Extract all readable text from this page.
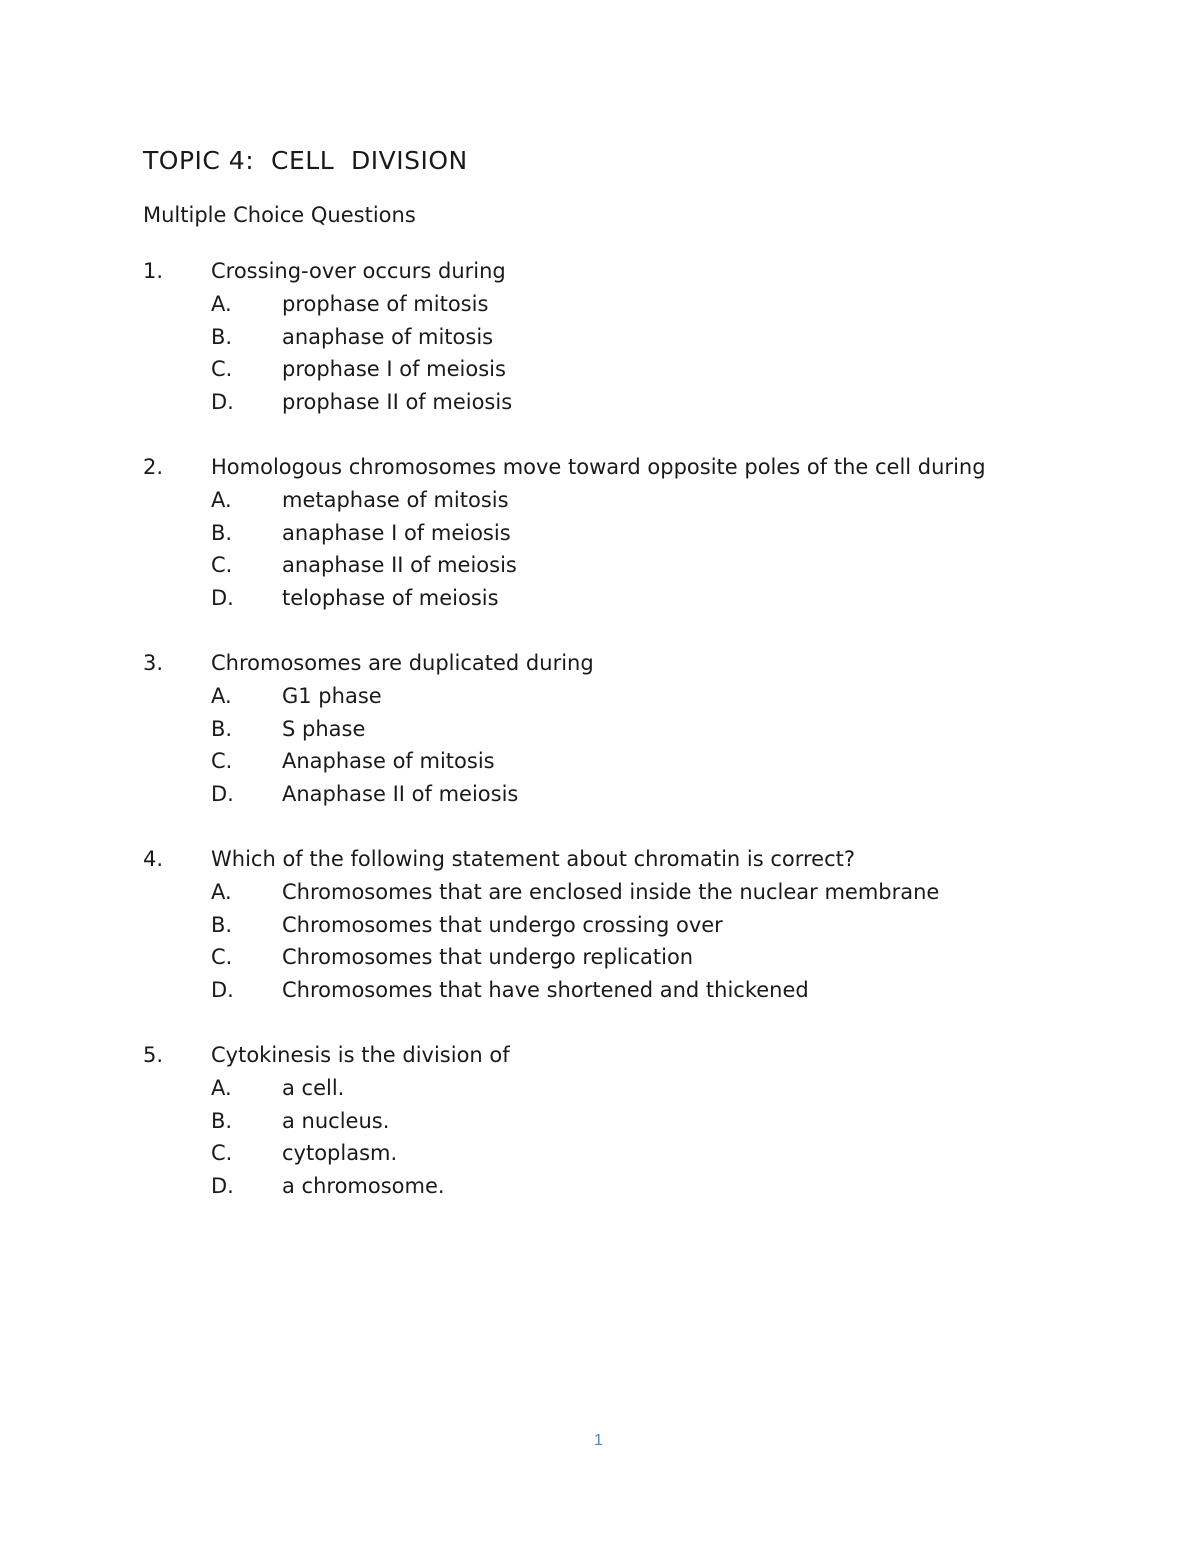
TOPIC 4:  CELL  DIVISION
Multiple Choice Questions
1. Crossing-over occurs during
A. prophase of mitosis
B. anaphase of mitosis
C. prophase I of meiosis
D. prophase II of meiosis
2. Homologous chromosomes move toward opposite poles of the cell during
A. metaphase of mitosis
B. anaphase I of meiosis
C. anaphase II of meiosis
D. telophase of meiosis
3. Chromosomes are duplicated during
A. G1 phase
B. S phase
C. Anaphase of mitosis
D. Anaphase II of meiosis
4. Which of the following statement about chromatin is correct?
A. Chromosomes that are enclosed inside the nuclear membrane
B. Chromosomes that undergo crossing over
C. Chromosomes that undergo replication
D. Chromosomes that have shortened and thickened
5. Cytokinesis is the division of
A. a cell.
B. a nucleus.
C. cytoplasm.
D. a chromosome.
1
